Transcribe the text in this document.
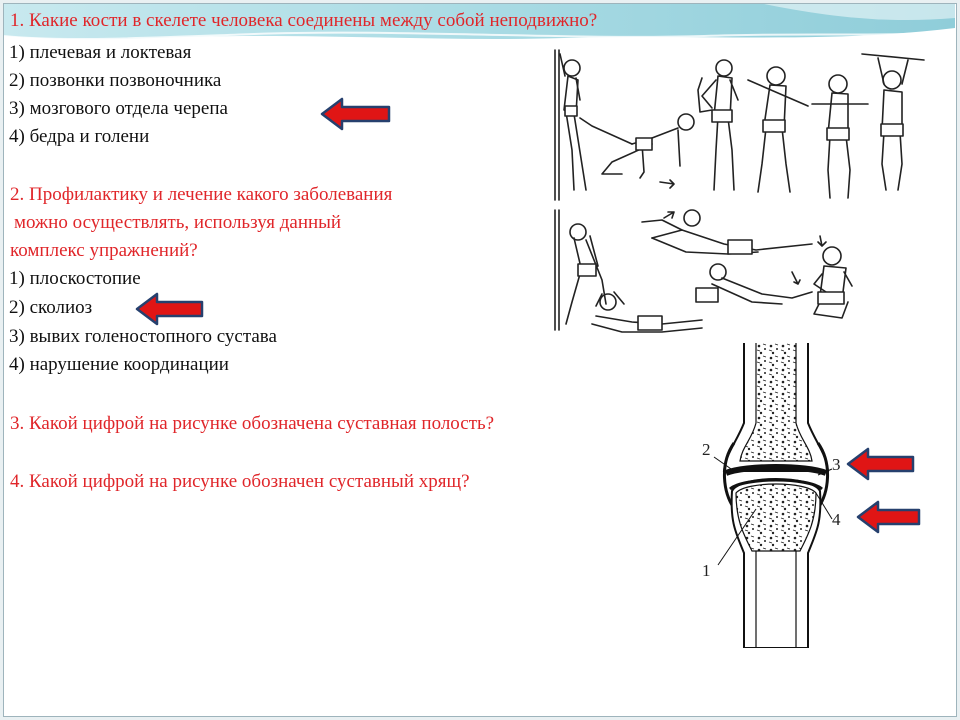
1. Какие кости в скелете человека соединены между собой неподвижно?
1) плечевая и локтевая
2) позвонки позвоночника
3) мозгового отдела черепа
4) бедра и голени
2. Профилактику и лечение какого заболевания
можно осуществлять, используя данный
комплекс упражнений?
1) плоскостопие
2) сколиоз
3) вывих голеностопного сустава
4) нарушение координации
3. Какой цифрой на рисунке обозначена суставная полость?
4. Какой цифрой на рисунке обозначен суставный хрящ?
2
3
4
1
